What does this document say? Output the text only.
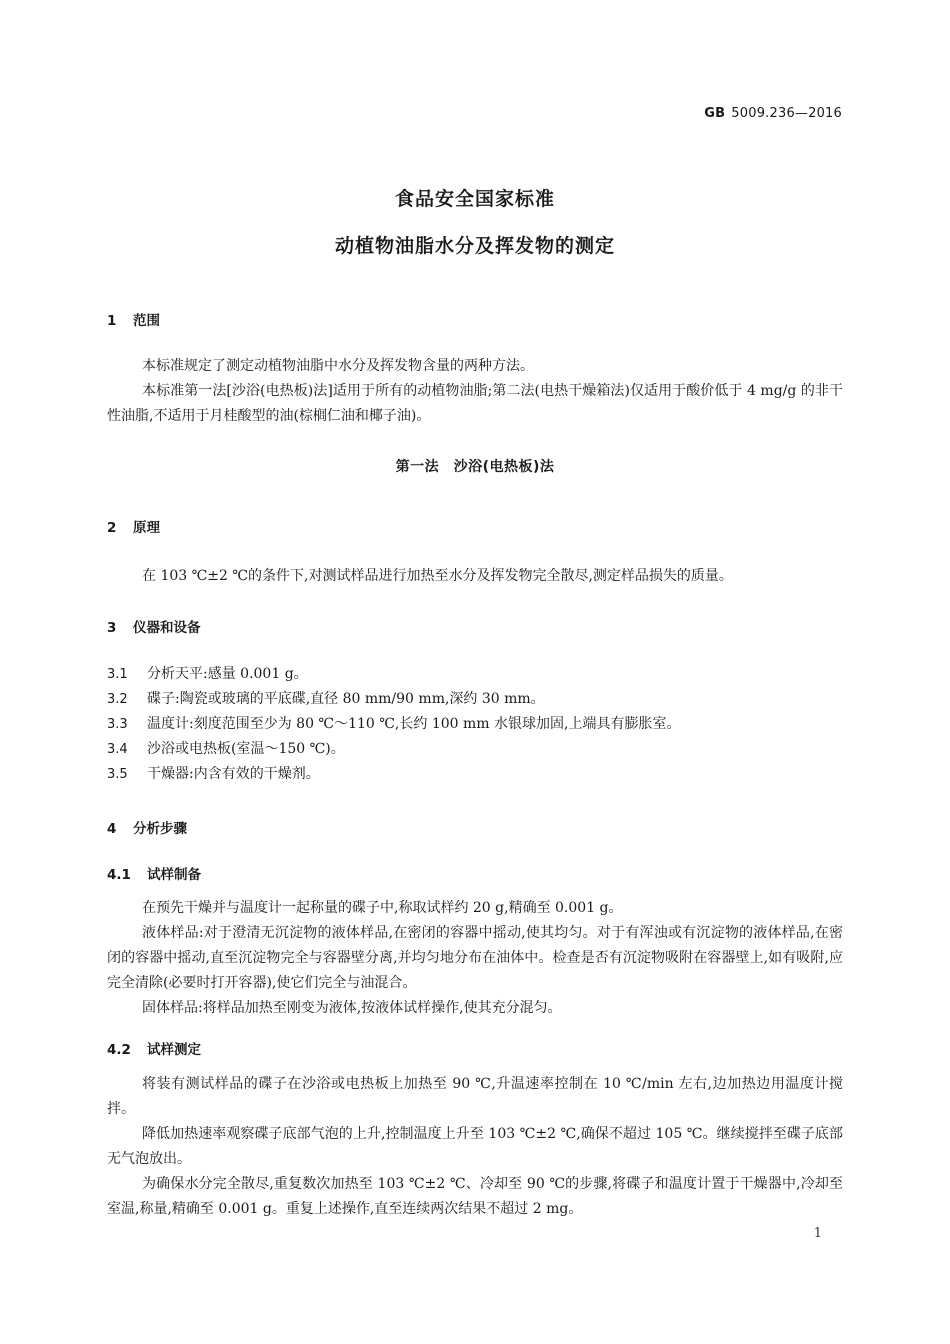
GB 5009.236—2016
食品安全国家标准
动植物油脂水分及挥发物的测定
1 范围
本标准规定了测定动植物油脂中水分及挥发物含量的两种方法。
本标准第一法[沙浴(电热板)法]适用于所有的动植物油脂;第二法(电热干燥箱法)仅适用于酸价低于 4 mg/g 的非干性油脂,不适用于月桂酸型的油(棕榈仁油和椰子油)。
第一法　沙浴(电热板)法
2 原理
在 103 ℃±2 ℃的条件下,对测试样品进行加热至水分及挥发物完全散尽,测定样品损失的质量。
3 仪器和设备
3.1 分析天平:感量 0.001 g。
3.2 碟子:陶瓷或玻璃的平底碟,直径 80 mm/90 mm,深约 30 mm。
3.3 温度计:刻度范围至少为 80 ℃～110 ℃,长约 100 mm 水银球加固,上端具有膨胀室。
3.4 沙浴或电热板(室温～150 ℃)。
3.5 干燥器:内含有效的干燥剂。
4 分析步骤
4.1 试样制备
在预先干燥并与温度计一起称量的碟子中,称取试样约 20 g,精确至 0.001 g。
液体样品:对于澄清无沉淀物的液体样品,在密闭的容器中摇动,使其均匀。对于有浑浊或有沉淀物的液体样品,在密闭的容器中摇动,直至沉淀物完全与容器壁分离,并均匀地分布在油体中。检查是否有沉淀物吸附在容器壁上,如有吸附,应完全清除(必要时打开容器),使它们完全与油混合。
固体样品:将样品加热至刚变为液体,按液体试样操作,使其充分混匀。
4.2 试样测定
将装有测试样品的碟子在沙浴或电热板上加热至 90 ℃,升温速率控制在 10 ℃/min 左右,边加热边用温度计搅拌。
降低加热速率观察碟子底部气泡的上升,控制温度上升至 103 ℃±2 ℃,确保不超过 105 ℃。继续搅拌至碟子底部无气泡放出。
为确保水分完全散尽,重复数次加热至 103 ℃±2 ℃、冷却至 90 ℃的步骤,将碟子和温度计置于干燥器中,冷却至室温,称量,精确至 0.001 g。重复上述操作,直至连续两次结果不超过 2 mg。
1
